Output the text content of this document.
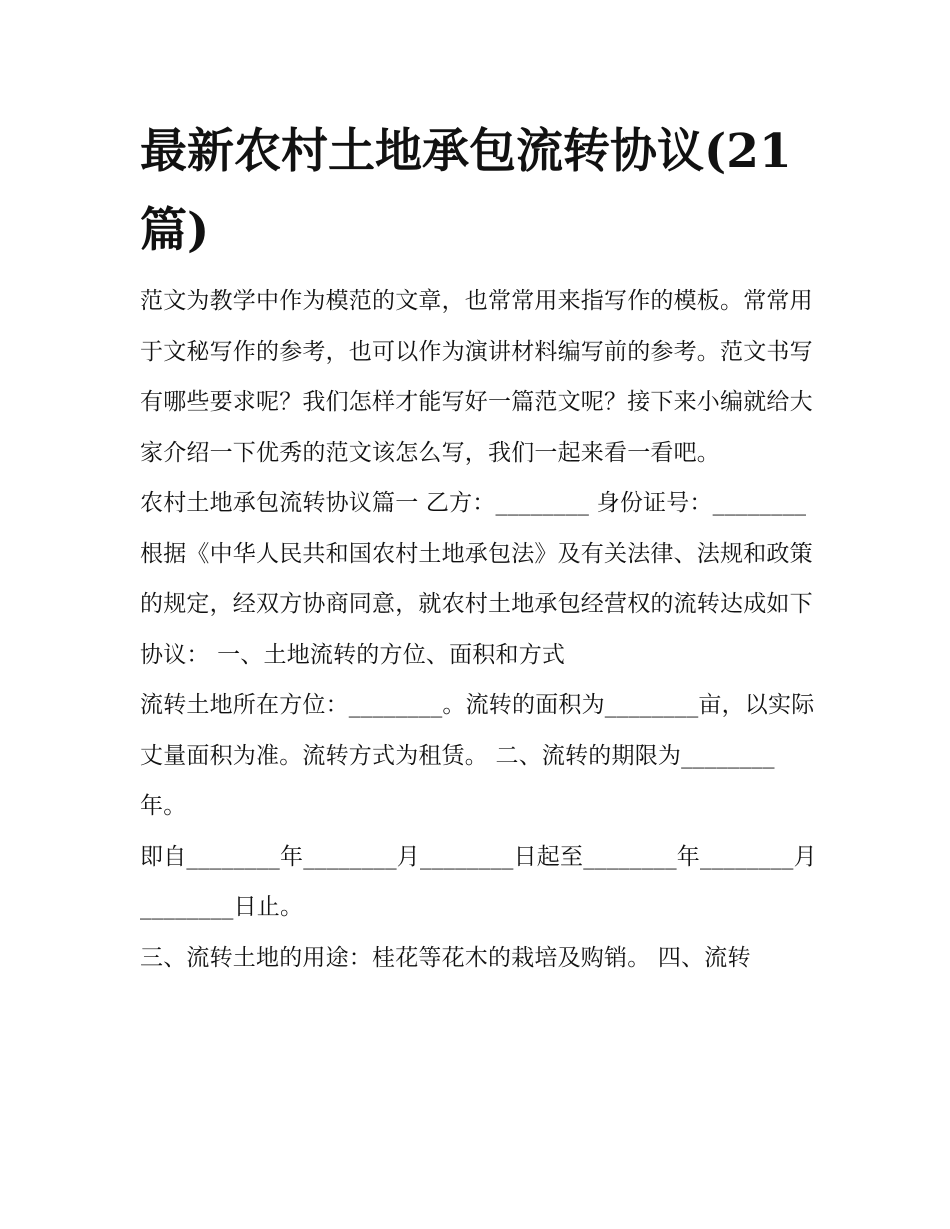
最新农村土地承包流转协议(21篇)

范文为教学中作为模范的文章，也常常用来指写作的模板。常常用于文秘写作的参考，也可以作为演讲材料编写前的参考。范文书写有哪些要求呢？我们怎样才能写好一篇范文呢？接下来小编就给大家介绍一下优秀的范文该怎么写，我们一起来看一看吧。

农村土地承包流转协议篇一 乙方：________ 身份证号：________

根据《中华人民共和国农村土地承包法》及有关法律、法规和政策的规定，经双方协商同意，就农村土地承包经营权的流转达成如下协议： 一、土地流转的方位、面积和方式

流转土地所在方位：________。流转的面积为________亩，以实际丈量面积为准。流转方式为租赁。 二、流转的期限为________年。

即自________年________月________日起至________年________月________日止。

三、流转土地的用途：桂花等花木的栽培及购销。 四、流转
